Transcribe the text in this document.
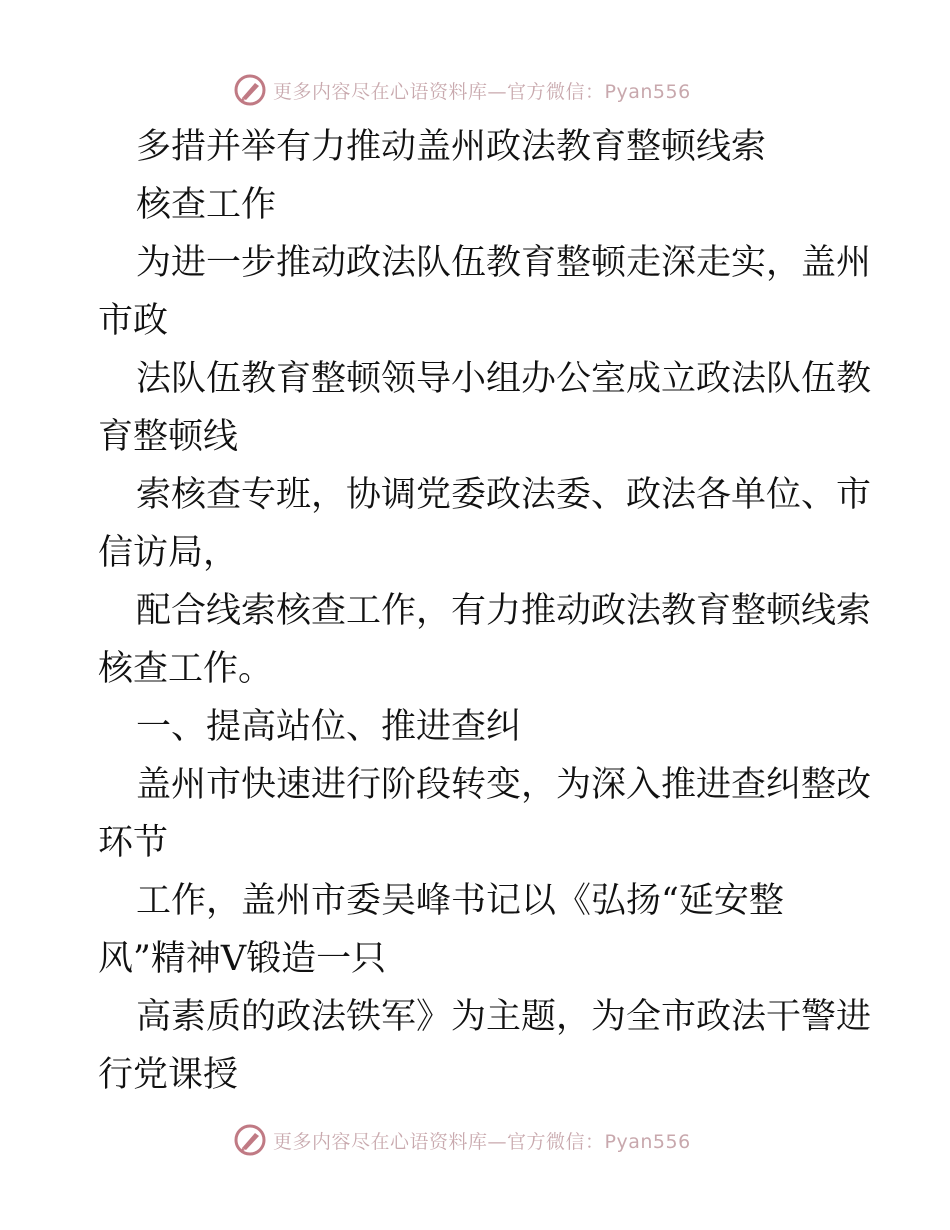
更多内容尽在心语资料库—官方微信：Pyan556
多措并举有力推动盖州政法教育整顿线索
核查工作
为进一步推动政法队伍教育整顿走深走实，盖州
市政
法队伍教育整顿领导小组办公室成立政法队伍教
育整顿线
索核查专班，协调党委政法委、政法各单位、市
信访局，
配合线索核查工作，有力推动政法教育整顿线索
核查工作。
一、提高站位、推进查纠
盖州市快速进行阶段转变，为深入推进查纠整改
环节
工作，盖州市委吴峰书记以《弘扬“延安整
风”精神V锻造一只
高素质的政法铁军》为主题，为全市政法干警进
行党课授
更多内容尽在心语资料库—官方微信：Pyan556
